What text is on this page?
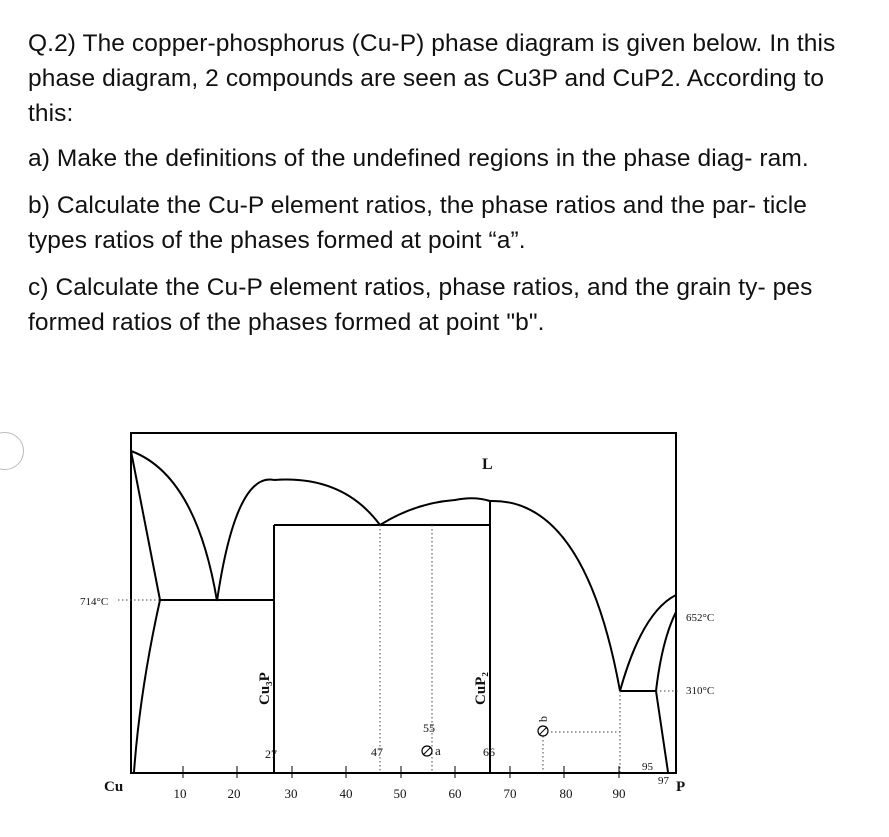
Q.2) The copper-phosphorus (Cu-P) phase diagram is given below. In this phase diagram, 2 compounds are seen as Cu3P and CuP2. According to this:

a) Make the definitions of the undefined regions in the phase diag- ram.

b) Calculate the Cu-P element ratios, the phase ratios and the par- ticle types ratios of the phases formed at point “a”.

c) Calculate the Cu-P element ratios, phase ratios, and the grain ty- pes formed ratios of the phases formed at point "b".

10	20	30	40	50	60	70	80	90
Cu	P
714°C
652°C
310°C
L
Cu₃P	CuP₂
27	47
55
66
95
97
a
b
